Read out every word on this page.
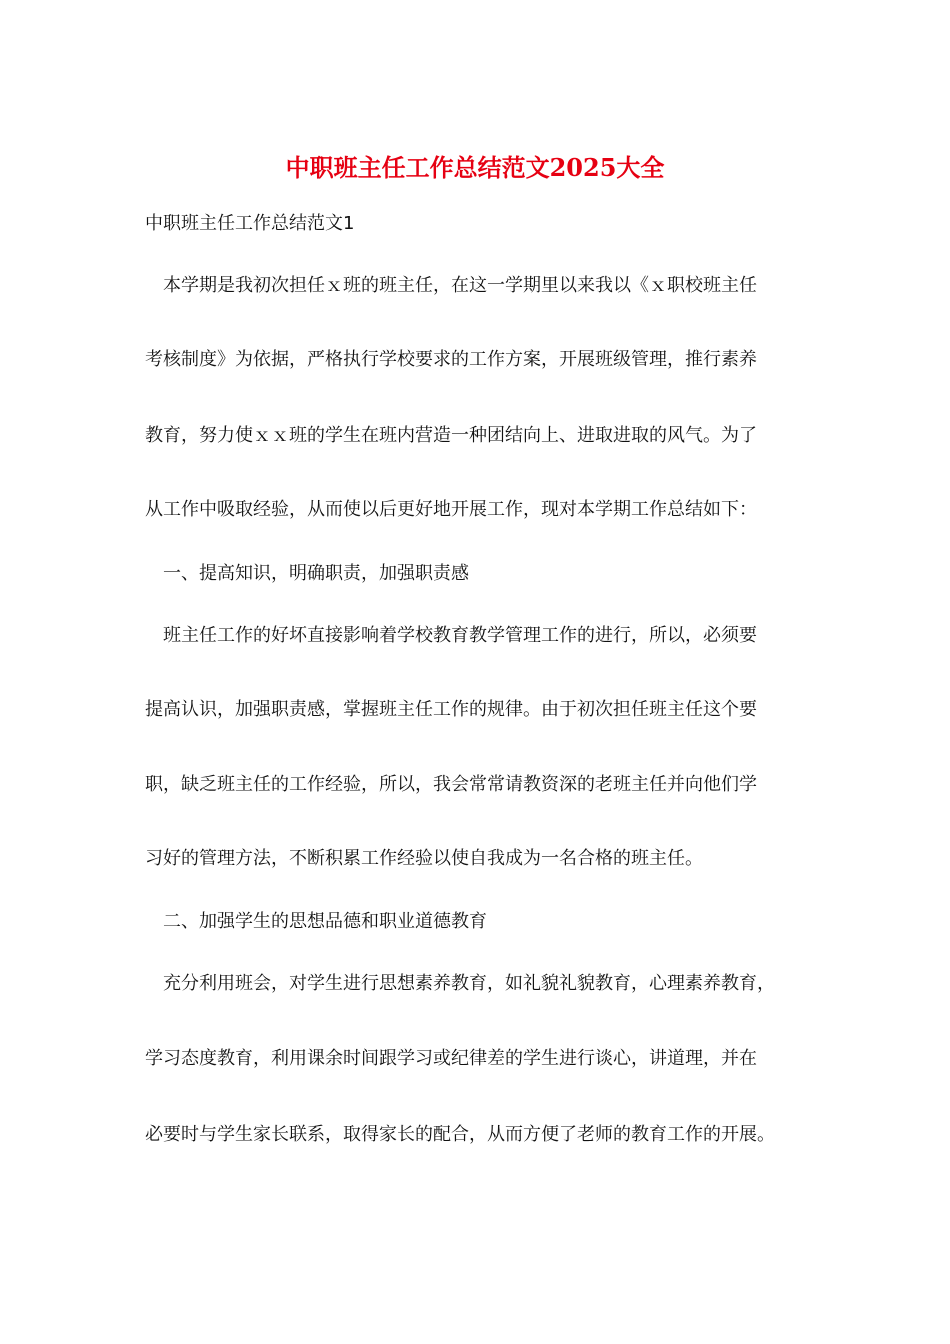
中职班主任工作总结范文2025大全
中职班主任工作总结范文1
本学期是我初次担任ｘ班的班主任，在这一学期里以来我以《ｘ职校班主任
考核制度》为依据，严格执行学校要求的工作方案，开展班级管理，推行素养
教育，努力使ｘｘ班的学生在班内营造一种团结向上、进取进取的风气。为了
从工作中吸取经验，从而使以后更好地开展工作，现对本学期工作总结如下：
一、提高知识，明确职责，加强职责感
班主任工作的好坏直接影响着学校教育教学管理工作的进行，所以，必须要
提高认识，加强职责感，掌握班主任工作的规律。由于初次担任班主任这个要
职，缺乏班主任的工作经验，所以，我会常常请教资深的老班主任并向他们学
习好的管理方法，不断积累工作经验以使自我成为一名合格的班主任。
二、加强学生的思想品德和职业道德教育
充分利用班会，对学生进行思想素养教育，如礼貌礼貌教育，心理素养教育，
学习态度教育，利用课余时间跟学习或纪律差的学生进行谈心，讲道理，并在
必要时与学生家长联系，取得家长的配合，从而方便了老师的教育工作的开展。
